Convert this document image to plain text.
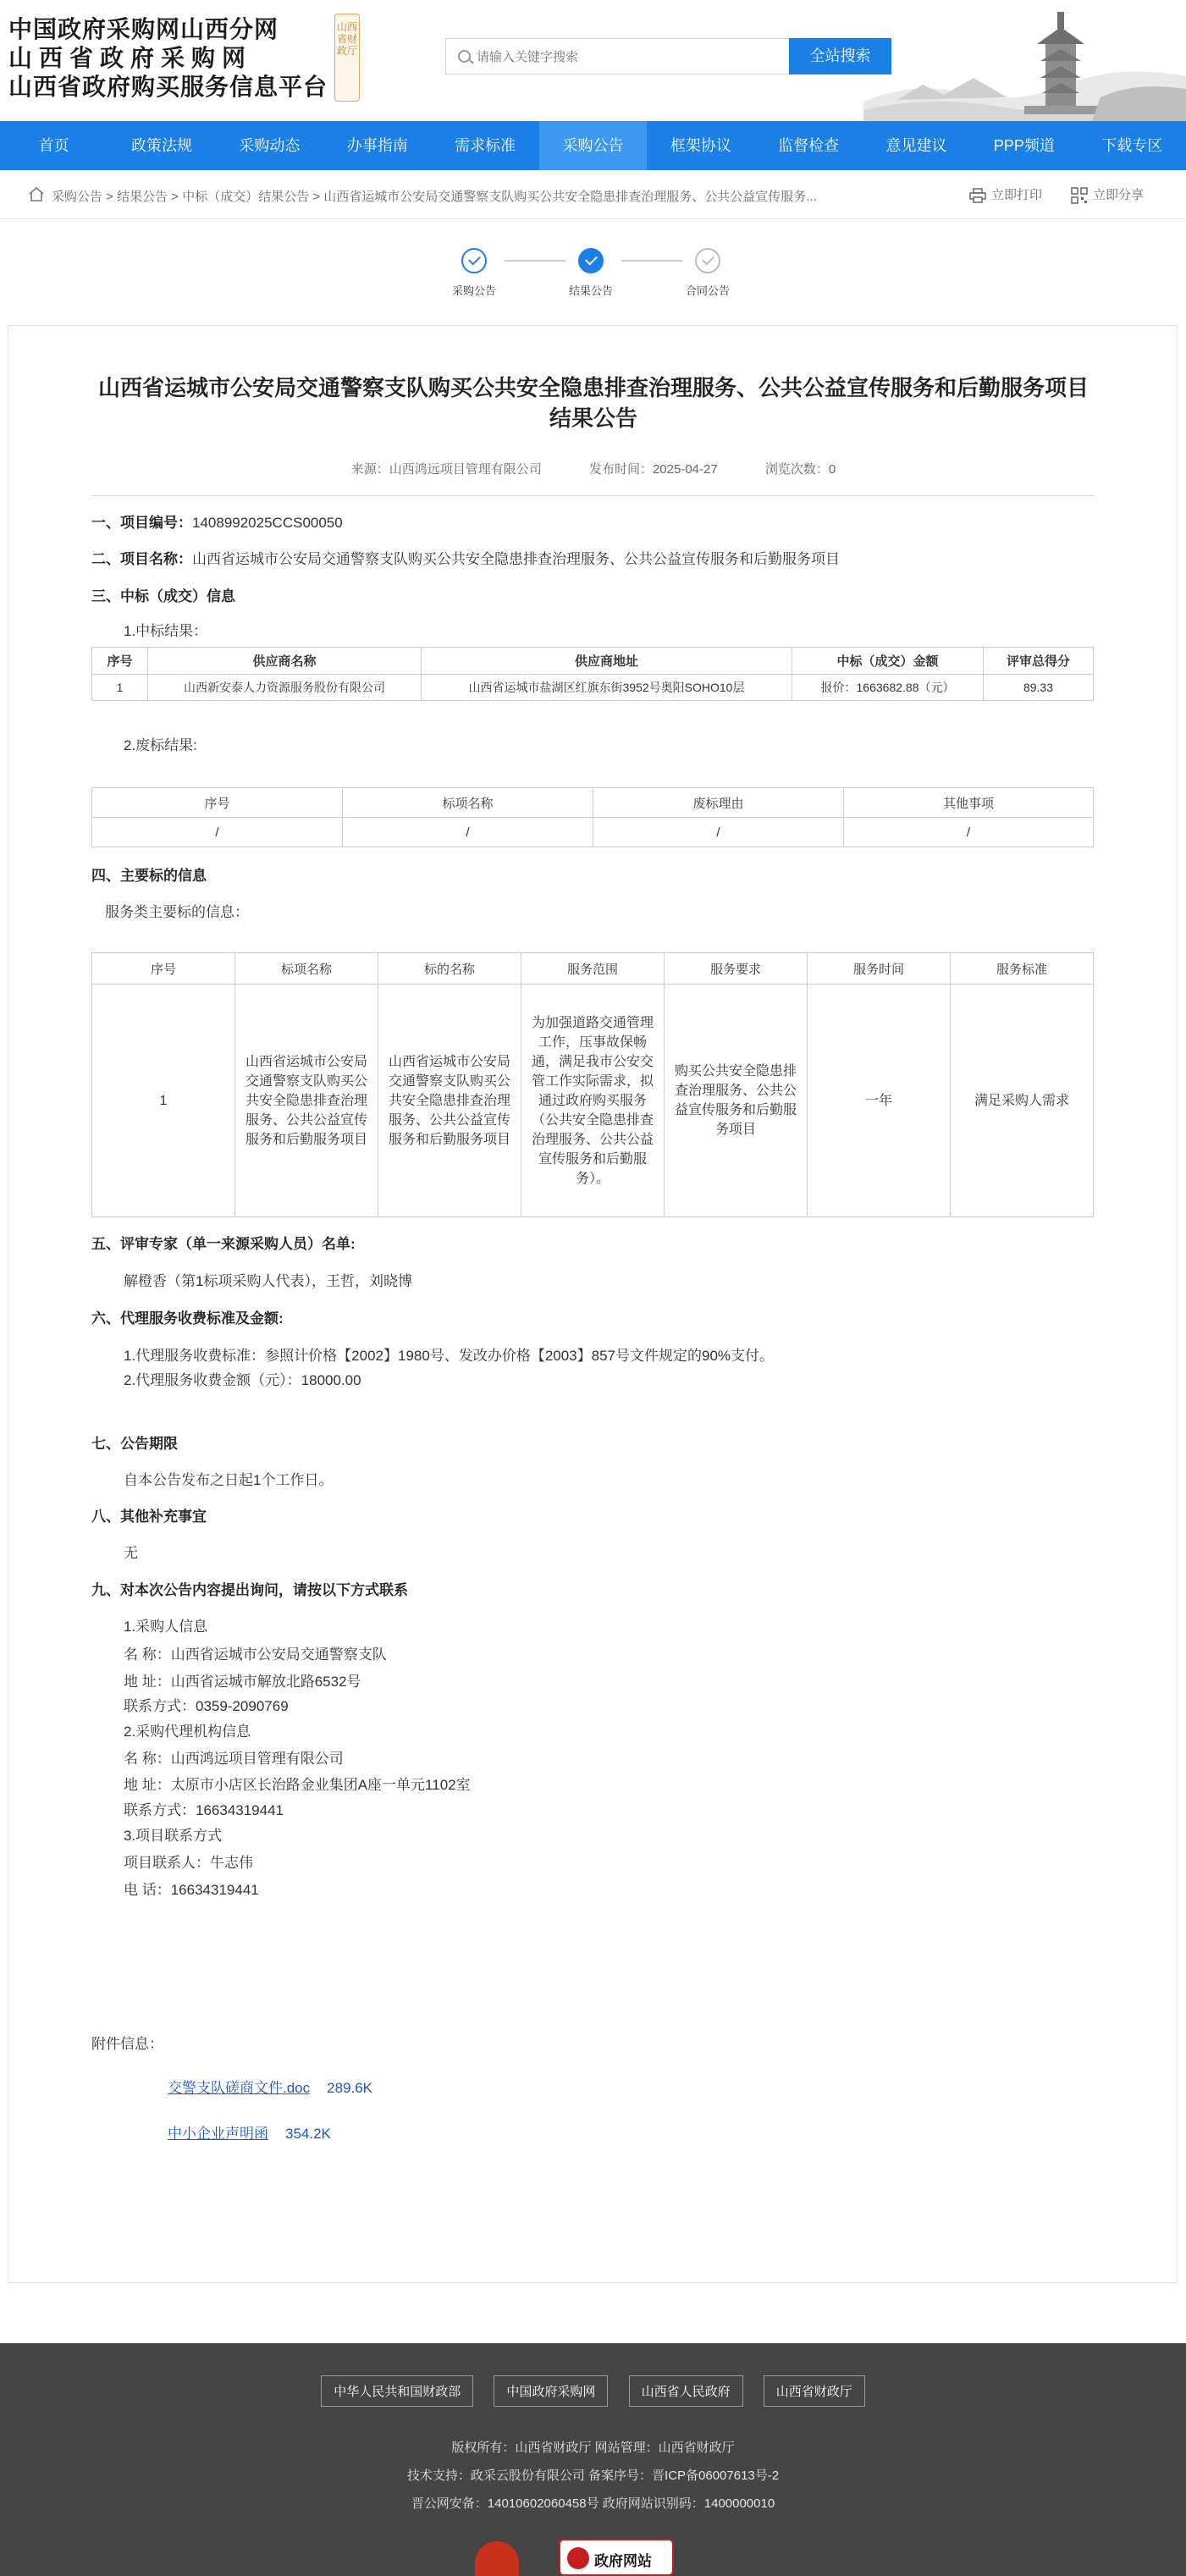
中国政府采购网山西分网
山西省政府采购网
山西省政府购买服务信息平台
山西省财政厅
请输入关键字搜索	全站搜索
首页	政策法规	采购动态	办事指南	需求标准	采购公告	框架协议	监督检查	意见建议	PPP频道	下载专区
采购公告 > 结果公告 > 中标（成交）结果公告 > 山西省运城市公安局交通警察支队购买公共安全隐患排查治理服务、公共公益宣传服务...	立即打印	立即分享
采购公告	结果公告	合同公告
山西省运城市公安局交通警察支队购买公共安全隐患排查治理服务、公共公益宣传服务和后勤服务项目结果公告
来源：山西鸿远项目管理有限公司	发布时间：2025-04-27	浏览次数：0
一、项目编号：1408992025CCS00050
二、项目名称：山西省运城市公安局交通警察支队购买公共安全隐患排查治理服务、公共公益宣传服务和后勤服务项目
三、中标（成交）信息
1.中标结果：
序号	供应商名称	供应商地址	中标（成交）金额	评审总得分
1	山西新安泰人力资源服务股份有限公司	山西省运城市盐湖区红旗东街3952号奥阳SOHO10层	报价：1663682.88（元）	89.33
2.废标结果:
序号	标项名称	废标理由	其他事项
/	/	/	/
四、主要标的信息
服务类主要标的信息：
序号	标项名称	标的名称	服务范围	服务要求	服务时间	服务标准
1	山西省运城市公安局交通警察支队购买公共安全隐患排查治理服务、公共公益宣传服务和后勤服务项目	山西省运城市公安局交通警察支队购买公共安全隐患排查治理服务、公共公益宣传服务和后勤服务项目	为加强道路交通管理工作，压事故保畅通，满足我市公安交管工作实际需求，拟通过政府购买服务（公共安全隐患排查治理服务、公共公益宣传服务和后勤服务）。	购买公共安全隐患排查治理服务、公共公益宣传服务和后勤服务项目	一年	满足采购人需求
五、评审专家（单一来源采购人员）名单:
解橙香（第1标项采购人代表），王哲，刘晓博
六、代理服务收费标准及金额:
1.代理服务收费标准：参照计价格【2002】1980号、发改办价格【2003】857号文件规定的90%支付。
2.代理服务收费金额（元）：18000.00
七、公告期限
自本公告发布之日起1个工作日。
八、其他补充事宜
无
九、对本次公告内容提出询问，请按以下方式联系
1.采购人信息
名 称：山西省运城市公安局交通警察支队
地 址：山西省运城市解放北路6532号
联系方式：0359-2090769
2.采购代理机构信息
名 称：山西鸿远项目管理有限公司
地 址：太原市小店区长治路金业集团A座一单元1102室
联系方式：16634319441
3.项目联系方式
项目联系人：牛志伟
电 话：16634319441
附件信息：
交警支队磋商文件.doc 289.6K
中小企业声明函 354.2K
中华人民共和国财政部	中国政府采购网	山西省人民政府	山西省财政厅
版权所有：山西省财政厅 网站管理：山西省财政厅
技术支持：政采云股份有限公司 备案序号：晋ICP备06007613号-2
晋公网安备：14010602060458号 政府网站识别码：1400000010
政府网站
